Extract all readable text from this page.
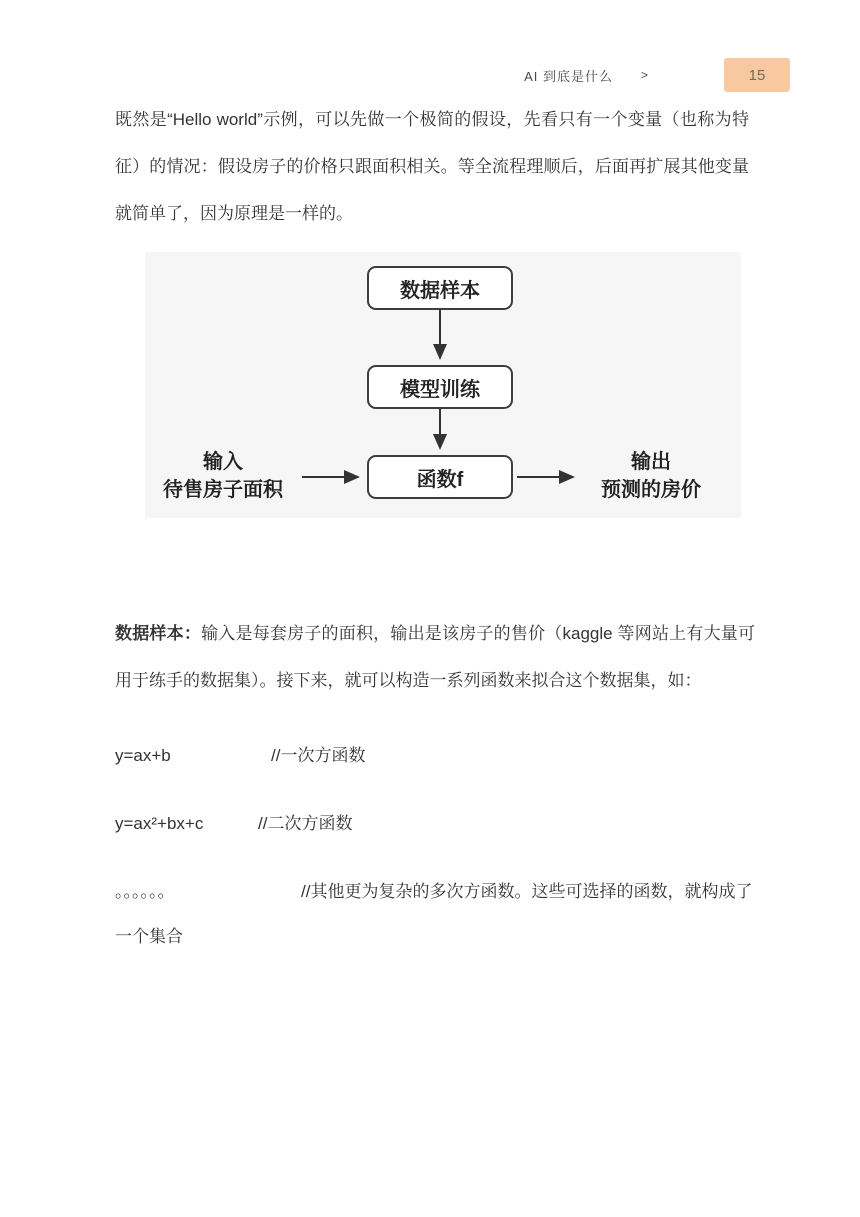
AI 到底是什么 >	15

既然是“Hello world”示例，可以先做一个极简的假设，先看只有一个变量（也称为特征）的情况：假设房子的价格只跟面积相关。等全流程理顺后，后面再扩展其他变量就简单了，因为原理是一样的。

数据样本
模型训练
函数f
输入
待售房子面积
输出
预测的房价

数据样本：输入是每套房子的面积，输出是该房子的售价（kaggle 等网站上有大量可用于练手的数据集）。接下来，就可以构造一系列函数来拟合这个数据集，如：

y=ax+b	//一次方函数

y=ax²+bx+c	//二次方函数

。。。。。。	//其他更为复杂的多次方函数。这些可选择的函数，就构成了一个集合
